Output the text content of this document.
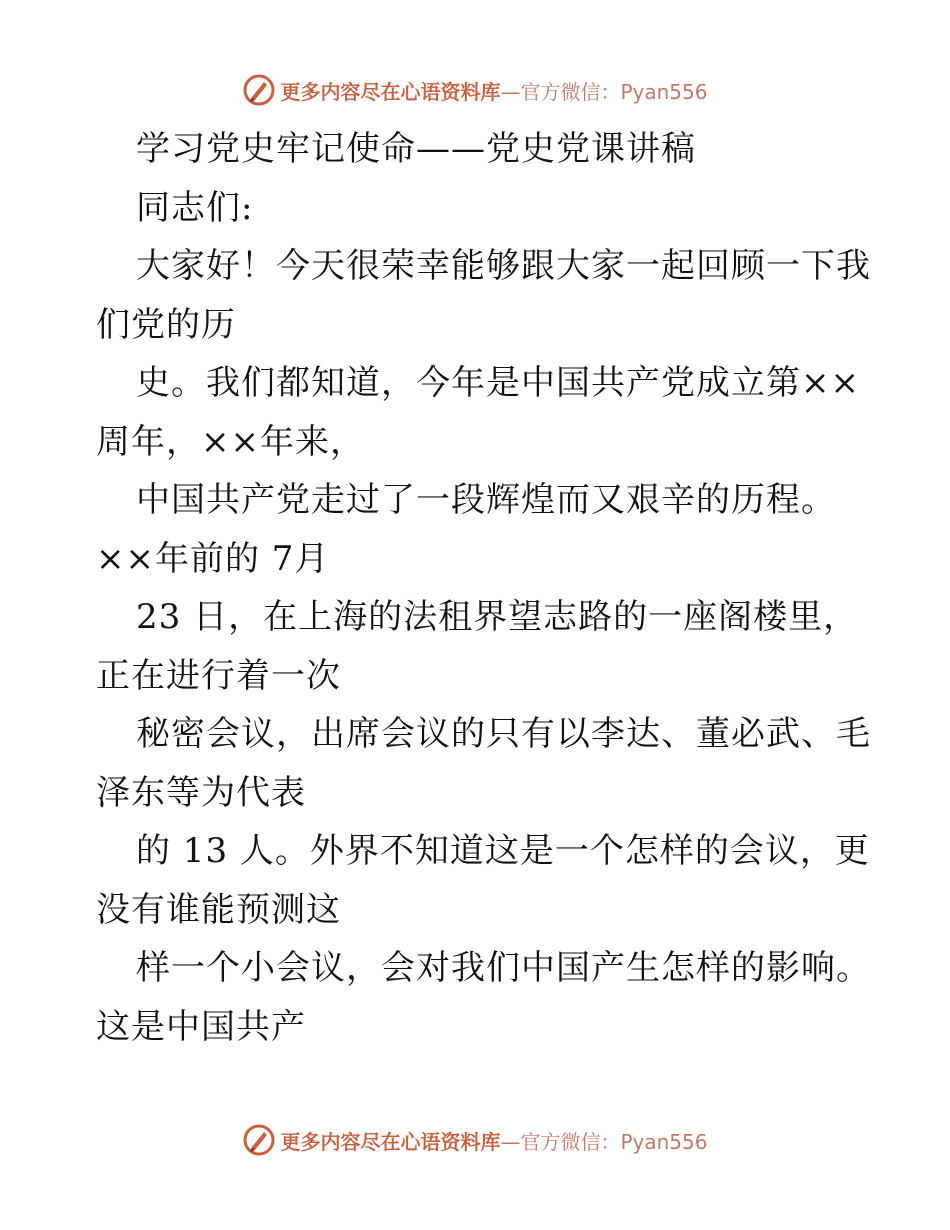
更多内容尽在心语资料库—官方微信：Pyan556
学习党史牢记使命——党史党课讲稿
同志们:
大家好！今天很荣幸能够跟大家一起回顾一下我
们党的历
史。我们都知道，今年是中国共产党成立第××
周年，××年来，
中国共产党走过了一段辉煌而又艰辛的历程。
××年前的 7月
23 日，在上海的法租界望志路的一座阁楼里，
正在进行着一次
秘密会议，出席会议的只有以李达、董必武、毛
泽东等为代表
的 13 人。外界不知道这是一个怎样的会议，更
没有谁能预测这
样一个小会议，会对我们中国产生怎样的影响。
这是中国共产
更多内容尽在心语资料库—官方微信：Pyan556
